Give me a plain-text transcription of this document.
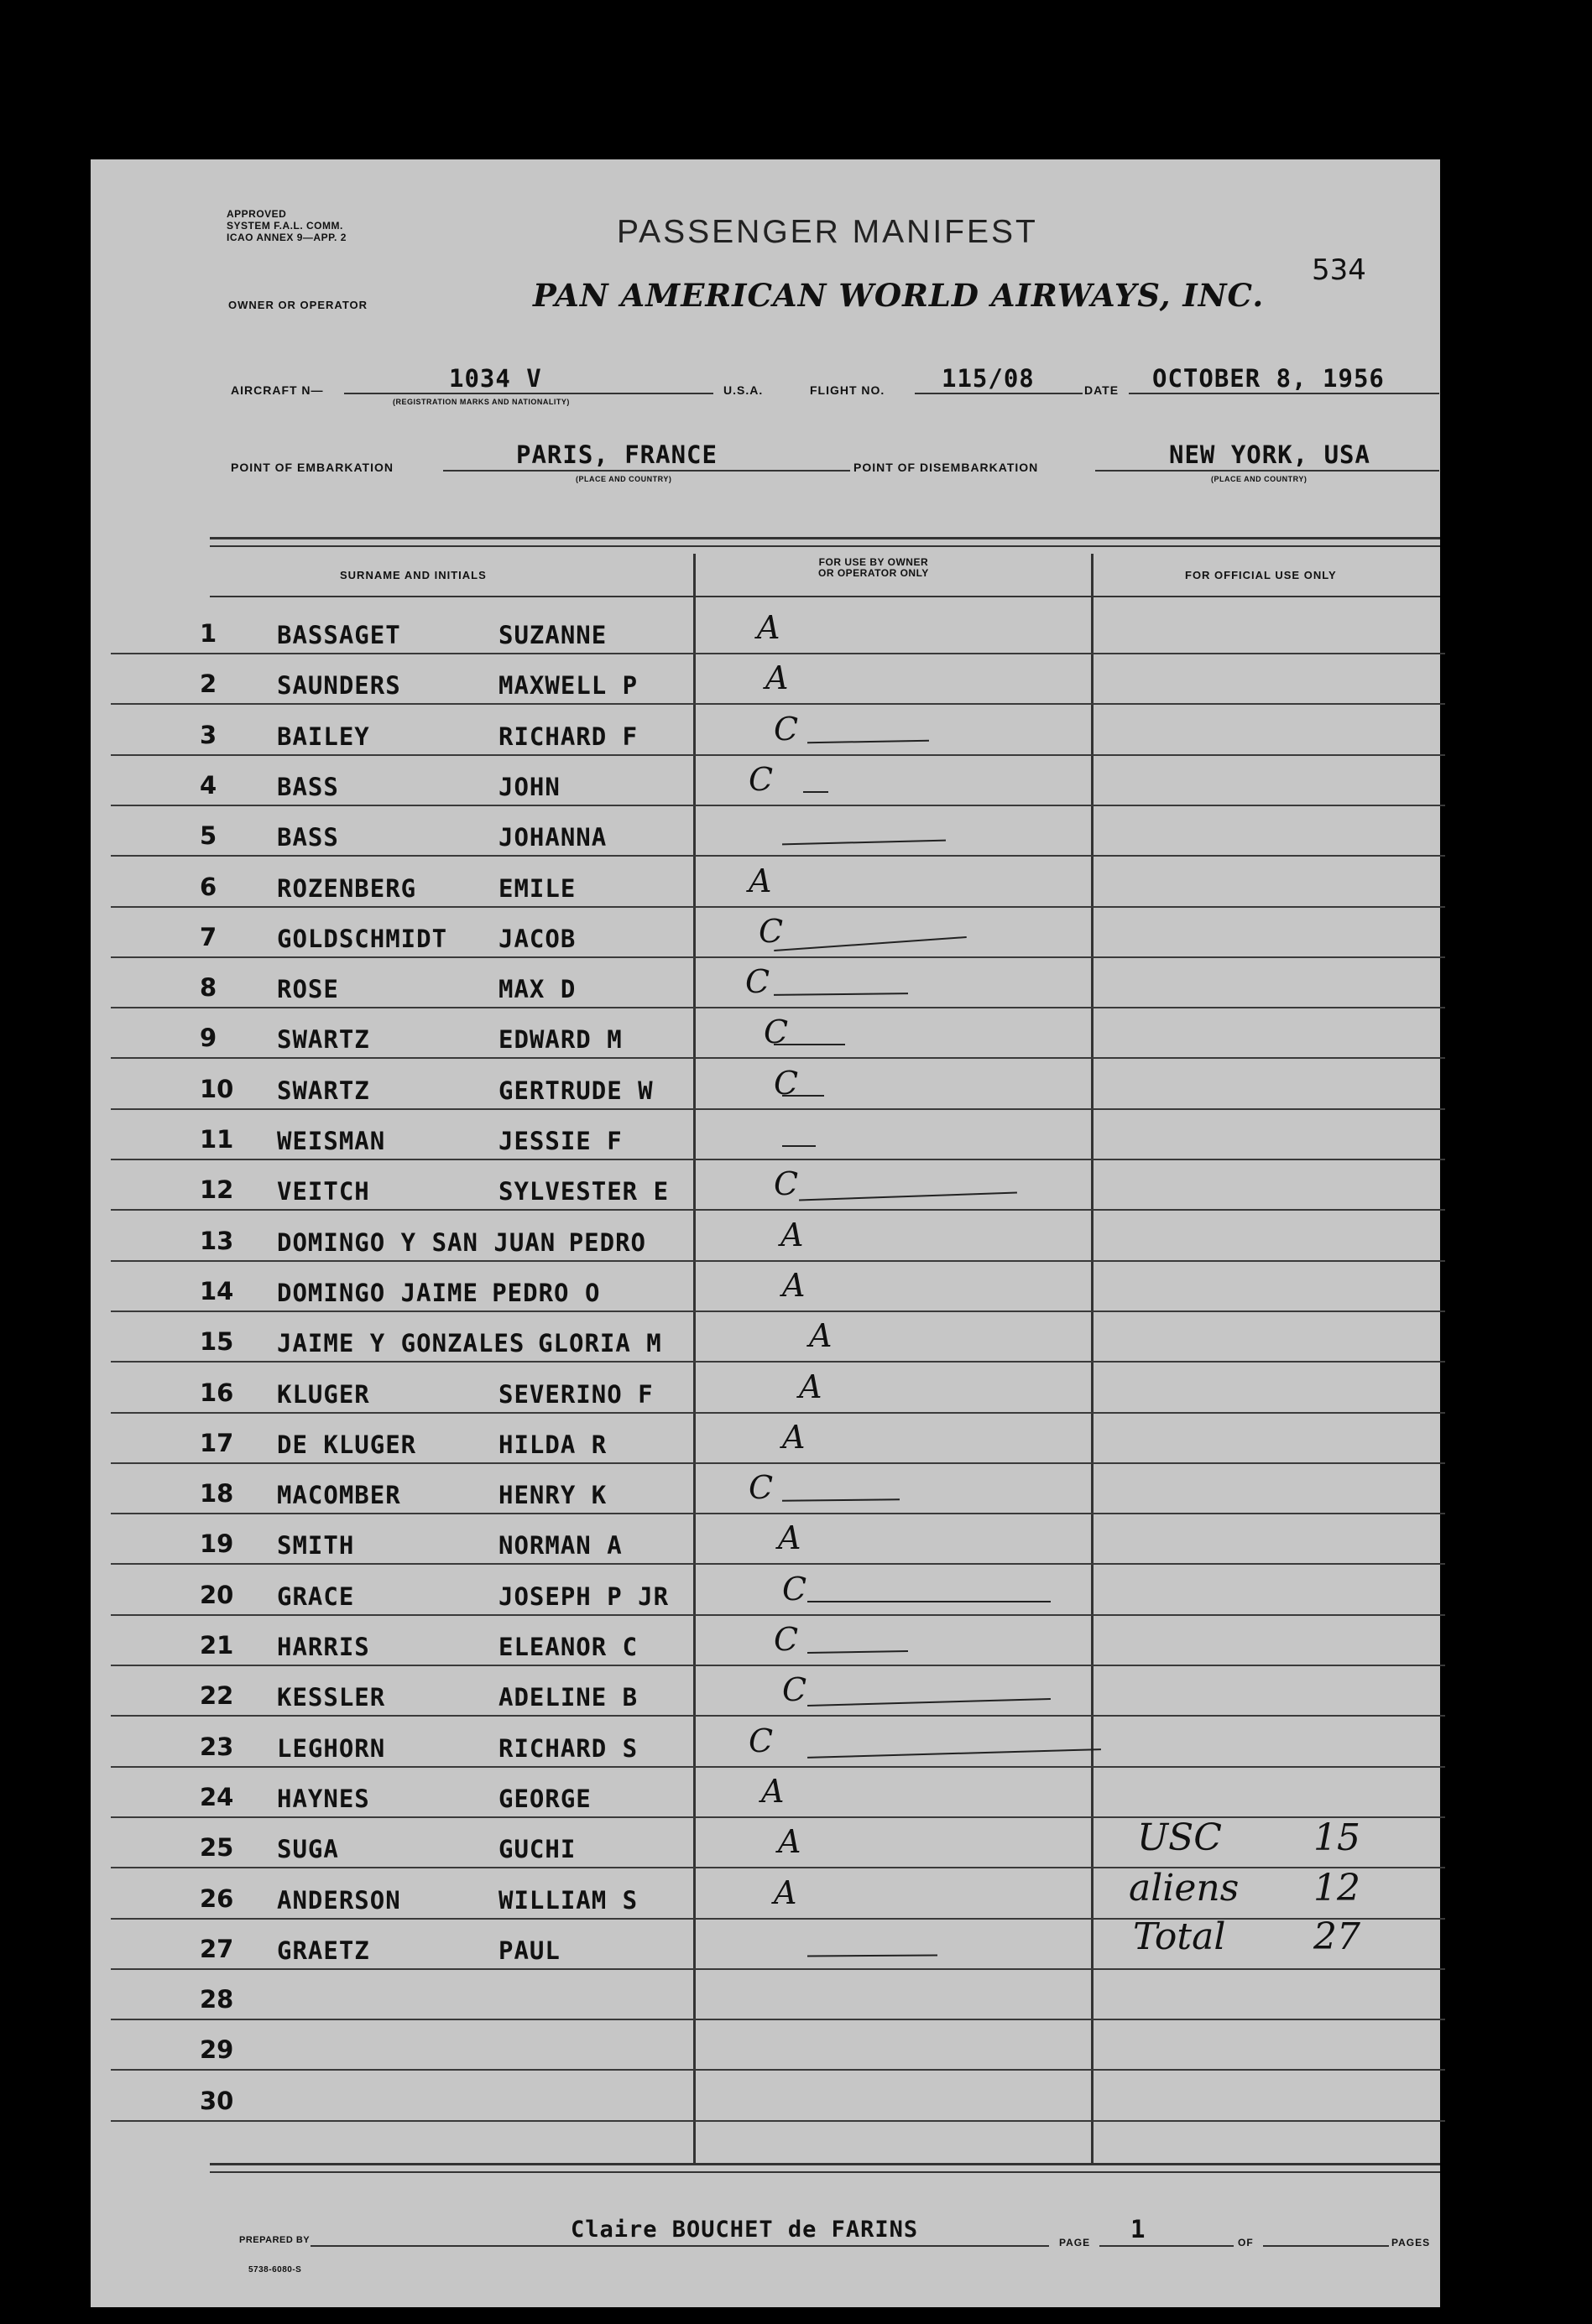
APPROVED
SYSTEM F.A.L. COMM.
ICAO ANNEX 9—APP. 2	PASSENGER MANIFEST
PAN AMERICAN WORLD AIRWAYS, INC.
OWNER OR OPERATOR
534
AIRCRAFT N—	1034 V
(REGISTRATION MARKS AND NATIONALITY)
U.S.A.	FLIGHT NO. 115/08	DATE OCTOBER 8, 1956
POINT OF EMBARKATION	PARIS, FRANCE
(PLACE AND COUNTRY)
POINT OF DISEMBARKATION	NEW YORK, USA
(PLACE AND COUNTRY)
SURNAME AND INITIALS
FOR USE BY OWNER
OR OPERATOR ONLY	FOR OFFICIAL USE ONLY
1 BASSAGET	SUZANNE	A
2 SAUNDERS	MAXWELL P	A
3 BAILEY	RICHARD F	C
4 BASS	JOHN	C
5 BASS	JOHANNA
6 ROZENBERG	EMILE	A
7 GOLDSCHMIDT JACOB	C
8 ROSE	MAX D	C
9 SWARTZ	EDWARD M	C
10 SWARTZ	GERTRUDE W	C
11 WEISMAN	JESSIE F
12 VEITCH	SYLVESTER E	C
13 DOMINGO Y SAN JUAN PEDRO	A
14 DOMINGO JAIME PEDRO O	A
15 JAIME Y GONZALES GLORIA M	A
16 KLUGER	SEVERINO F	A
17 DE KLUGER	HILDA R	A
18 MACOMBER	HENRY K	C
19 SMITH	NORMAN A	A
20 GRACE	JOSEPH P JR	C
21 HARRIS	ELEANOR C	C
22 KESSLER	ADELINE B	C
23 LEGHORN	RICHARD S	C
24 HAYNES	GEORGE	A
25 SUGA	GUCHI	A
26 ANDERSON	WILLIAM S	A
27 GRAETZ	PAUL
28
29
30
USC 15
aliens 12
Total 27
PREPARED BY	Claire BOUCHET de FARINS	PAGE 1	OF	PAGES
5738-6080-S
